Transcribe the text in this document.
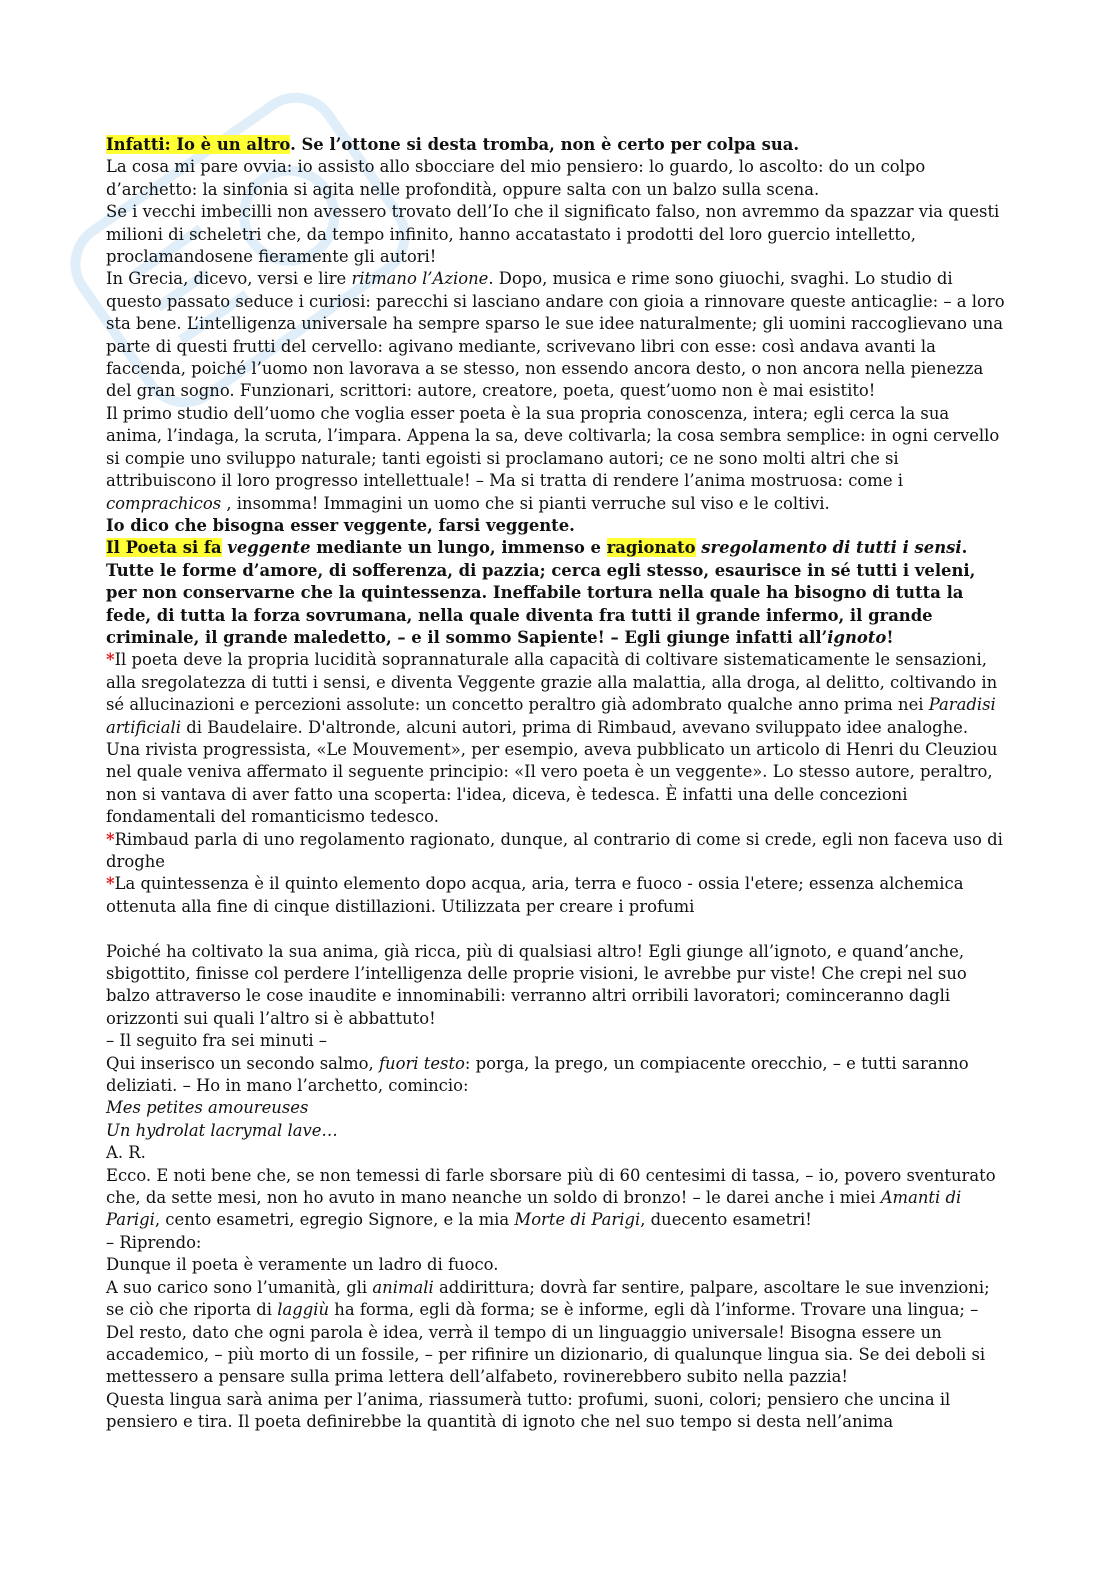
Infatti: Io è un altro. Se l’ottone si desta tromba, non è certo per colpa sua.

La cosa mi pare ovvia: io assisto allo sbocciare del mio pensiero: lo guardo, lo ascolto: do un colpo d’archetto: la sinfonia si agita nelle profondità, oppure salta con un balzo sulla scena.

Se i vecchi imbecilli non avessero trovato dell’Io che il significato falso, non avremmo da spazzar via questi milioni di scheletri che, da tempo infinito, hanno accatastato i prodotti del loro guercio intelletto, proclamandosene fieramente gli autori!

In Grecia, dicevo, versi e lire ritmano l’Azione. Dopo, musica e rime sono giuochi, svaghi. Lo studio di questo passato seduce i curiosi: parecchi si lasciano andare con gioia a rinnovare queste anticaglie: – a loro sta bene. L’intelligenza universale ha sempre sparso le sue idee naturalmente; gli uomini raccoglievano una parte di questi frutti del cervello: agivano mediante, scrivevano libri con esse: così andava avanti la faccenda, poiché l’uomo non lavorava a se stesso, non essendo ancora desto, o non ancora nella pienezza del gran sogno. Funzionari, scrittori: autore, creatore, poeta, quest’uomo non è mai esistito!

Il primo studio dell’uomo che voglia esser poeta è la sua propria conoscenza, intera; egli cerca la sua anima, l’indaga, la scruta, l’impara. Appena la sa, deve coltivarla; la cosa sembra semplice: in ogni cervello si compie uno sviluppo naturale; tanti egoisti si proclamano autori; ce ne sono molti altri che si attribuiscono il loro progresso intellettuale! – Ma si tratta di rendere l’anima mostruosa: come i comprachicos , insomma! Immagini un uomo che si pianti verruche sul viso e le coltivi.

Io dico che bisogna esser veggente, farsi veggente.

Il Poeta si fa veggente mediante un lungo, immenso e ragionato sregolamento di tutti i sensi. Tutte le forme d’amore, di sofferenza, di pazzia; cerca egli stesso, esaurisce in sé tutti i veleni, per non conservarne che la quintessenza. Ineffabile tortura nella quale ha bisogno di tutta la fede, di tutta la forza sovrumana, nella quale diventa fra tutti il grande infermo, il grande criminale, il grande maledetto, – e il sommo Sapiente! – Egli giunge infatti all’ignoto!

*Il poeta deve la propria lucidità soprannaturale alla capacità di coltivare sistematicamente le sensazioni, alla sregolatezza di tutti i sensi, e diventa Veggente grazie alla malattia, alla droga, al delitto, coltivando in sé allucinazioni e percezioni assolute: un concetto peraltro già adombrato qualche anno prima nei Paradisi artificiali di Baudelaire. D'altronde, alcuni autori, prima di Rimbaud, avevano sviluppato idee analoghe. Una rivista progressista, «Le Mouvement», per esempio, aveva pubblicato un articolo di Henri du Cleuziou nel quale veniva affermato il seguente principio: «Il vero poeta è un veggente». Lo stesso autore, peraltro, non si vantava di aver fatto una scoperta: l'idea, diceva, è tedesca. È infatti una delle concezioni fondamentali del romanticismo tedesco.

*Rimbaud parla di uno regolamento ragionato, dunque, al contrario di come si crede, egli non faceva uso di droghe

*La quintessenza è il quinto elemento dopo acqua, aria, terra e fuoco - ossia l'etere; essenza alchemica ottenuta alla fine di cinque distillazioni. Utilizzata per creare i profumi

Poiché ha coltivato la sua anima, già ricca, più di qualsiasi altro! Egli giunge all’ignoto, e quand’anche, sbigottito, finisse col perdere l’intelligenza delle proprie visioni, le avrebbe pur viste! Che crepi nel suo balzo attraverso le cose inaudite e innominabili: verranno altri orribili lavoratori; cominceranno dagli orizzonti sui quali l’altro si è abbattuto!

– Il seguito fra sei minuti –

Qui inserisco un secondo salmo, fuori testo: porga, la prego, un compiacente orecchio, – e tutti saranno deliziati. – Ho in mano l’archetto, comincio:

Mes petites amoureuses

Un hydrolat lacrymal lave…

A. R.

Ecco. E noti bene che, se non temessi di farle sborsare più di 60 centesimi di tassa, – io, povero sventurato che, da sette mesi, non ho avuto in mano neanche un soldo di bronzo! – le darei anche i miei Amanti di Parigi, cento esametri, egregio Signore, e la mia Morte di Parigi, duecento esametri!

– Riprendo:

Dunque il poeta è veramente un ladro di fuoco.

A suo carico sono l’umanità, gli animali addirittura; dovrà far sentire, palpare, ascoltare le sue invenzioni; se ciò che riporta di laggiù ha forma, egli dà forma; se è informe, egli dà l’informe. Trovare una lingua; – Del resto, dato che ogni parola è idea, verrà il tempo di un linguaggio universale! Bisogna essere un accademico, – più morto di un fossile, – per rifinire un dizionario, di qualunque lingua sia. Se dei deboli si mettessero a pensare sulla prima lettera dell’alfabeto, rovinerebbero subito nella pazzia!

Questa lingua sarà anima per l’anima, riassumerà tutto: profumi, suoni, colori; pensiero che uncina il pensiero e tira. Il poeta definirebbe la quantità di ignoto che nel suo tempo si desta nell’anima
